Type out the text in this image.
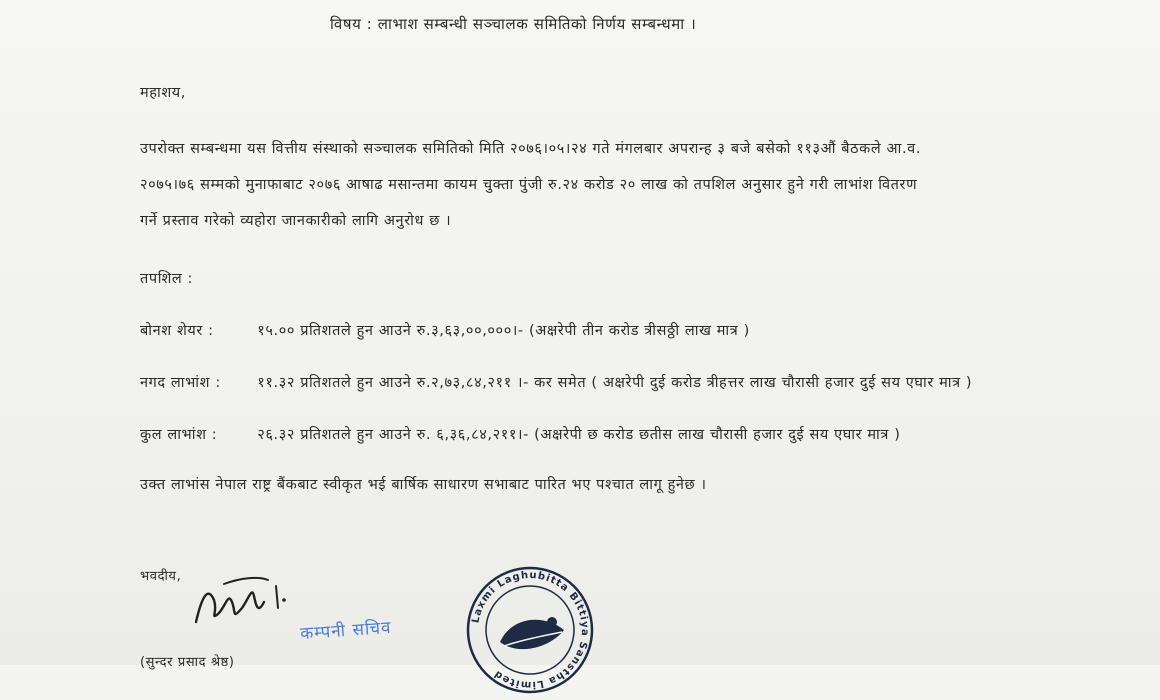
विषय : लाभाश सम्बन्धी सञ्चालक समितिको निर्णय सम्बन्धमा ।
महाशय,
उपरोक्त सम्बन्धमा यस वित्तीय संस्थाको सञ्चालक समितिको मिति २०७६।०५।२४ गते मंगलबार अपरान्ह ३ बजे बसेको ११३औं बैठकले आ.व.
२०७५।७६ सम्मको मुनाफाबाट २०७६ आषाढ मसान्तमा कायम चुक्ता पुंजी रु.२४ करोड २० लाख को तपशिल अनुसार हुने गरी लाभांश वितरण
गर्ने प्रस्ताव गरेको व्यहोरा जानकारीको लागि अनुरोध छ ।
तपशिल :
बोनश शेयर :	१५.०० प्रतिशतले हुन आउने रु.३,६३,००,०००।- (अक्षरेपी तीन करोड त्रीसठ्ठी लाख मात्र )
नगद लाभांश :	११.३२ प्रतिशतले हुन आउने रु.२,७३,८४,२११ ।- कर समेत ( अक्षरेपी दुई करोड त्रीहत्तर लाख चौरासी हजार दुई सय एघार मात्र )
कुल लाभांश :	२६.३२ प्रतिशतले हुन आउने रु. ६,३६,८४,२११।- (अक्षरेपी छ करोड छतीस लाख चौरासी हजार दुई सय एघार मात्र )
उक्त लाभांस नेपाल राष्ट्र बैंकबाट स्वीकृत भई बार्षिक साधारण सभाबाट पारित भए पश्चात लागू हुनेछ ।
भवदीय,
कम्पनी सचिव	Laxmi Laghubitta Bittiya Sanstha Limited
(सुन्दर प्रसाद श्रेष्ठ)
